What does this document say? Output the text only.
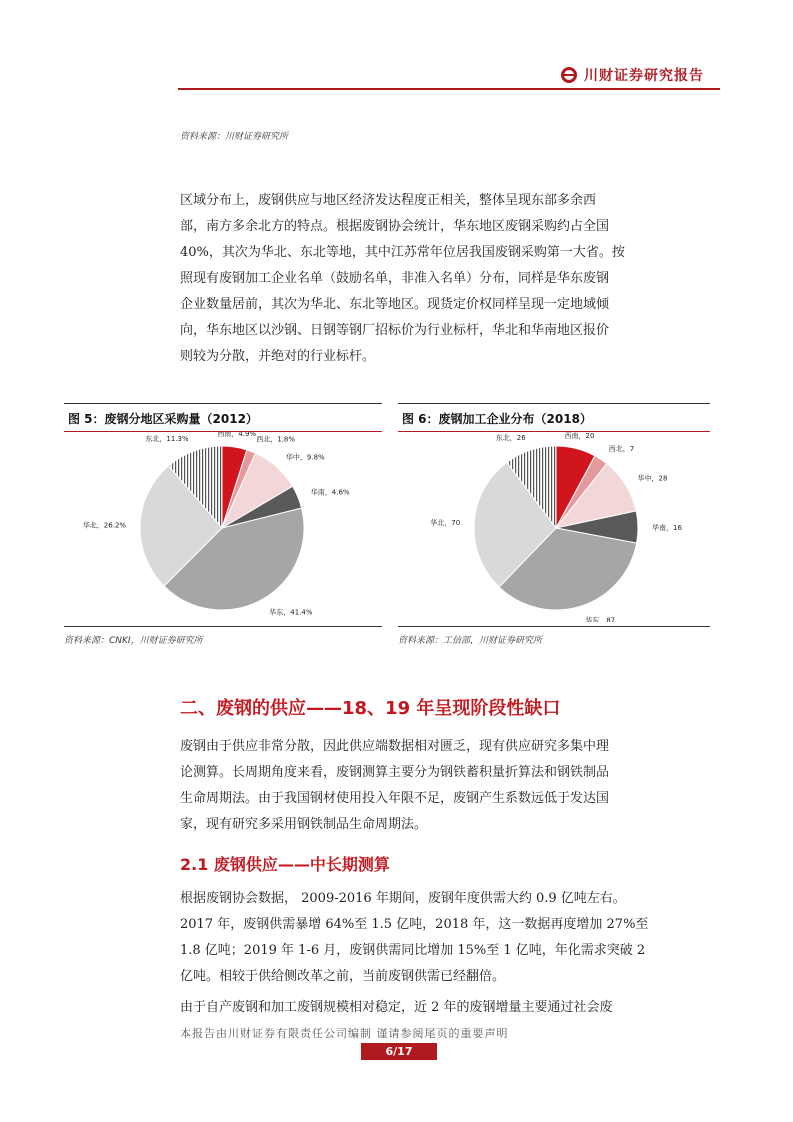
川财证券研究报告
资料来源：川财证券研究所
区域分布上，废钢供应与地区经济发达程度正相关，整体呈现东部多余西
部，南方多余北方的特点。根据废钢协会统计，华东地区废钢采购约占全国
40%，其次为华北、东北等地，其中江苏常年位居我国废钢采购第一大省。按
照现有废钢加工企业名单（鼓励名单，非准入名单）分布，同样是华东废钢
企业数量居前，其次为华北、东北等地区。现货定价权同样呈现一定地域倾
向，华东地区以沙钢、日钢等钢厂招标价为行业标杆，华北和华南地区报价
则较为分散，并绝对的行业标杆。
图 5：废钢分地区采购量（2012）
西南，4.9%
西北，1.8%
华中，9.8%
华南，4.6%
华东，41.4%
华北，26.2%
东北，11.3%
资料来源：CNKI，川财证券研究所
图 6：废钢加工企业分布（2018）
西南，20
西北，7
华中，28
华南，16
华东，87
华北，70
东北，26
资料来源：工信部，川财证券研究所
二、废钢的供应——18、19 年呈现阶段性缺口
废钢由于供应非常分散，因此供应端数据相对匮乏，现有供应研究多集中理
论测算。长周期角度来看，废钢测算主要分为钢铁蓄积量折算法和钢铁制品
生命周期法。由于我国钢材使用投入年限不足，废钢产生系数远低于发达国
家，现有研究多采用钢铁制品生命周期法。
2.1 废钢供应——中长期测算
根据废钢协会数据， 2009-2016 年期间，废钢年度供需大约 0.9 亿吨左右。
2017 年，废钢供需暴增 64%至 1.5 亿吨，2018 年，这一数据再度增加 27%至
1.8 亿吨；2019 年 1-6 月，废钢供需同比增加 15%至 1 亿吨，年化需求突破 2
亿吨。相较于供给侧改革之前，当前废钢供需已经翻倍。
由于自产废钢和加工废钢规模相对稳定，近 2 年的废钢增量主要通过社会废
本报告由川财证券有限责任公司编制 谨请参阅尾页的重要声明
6/17
